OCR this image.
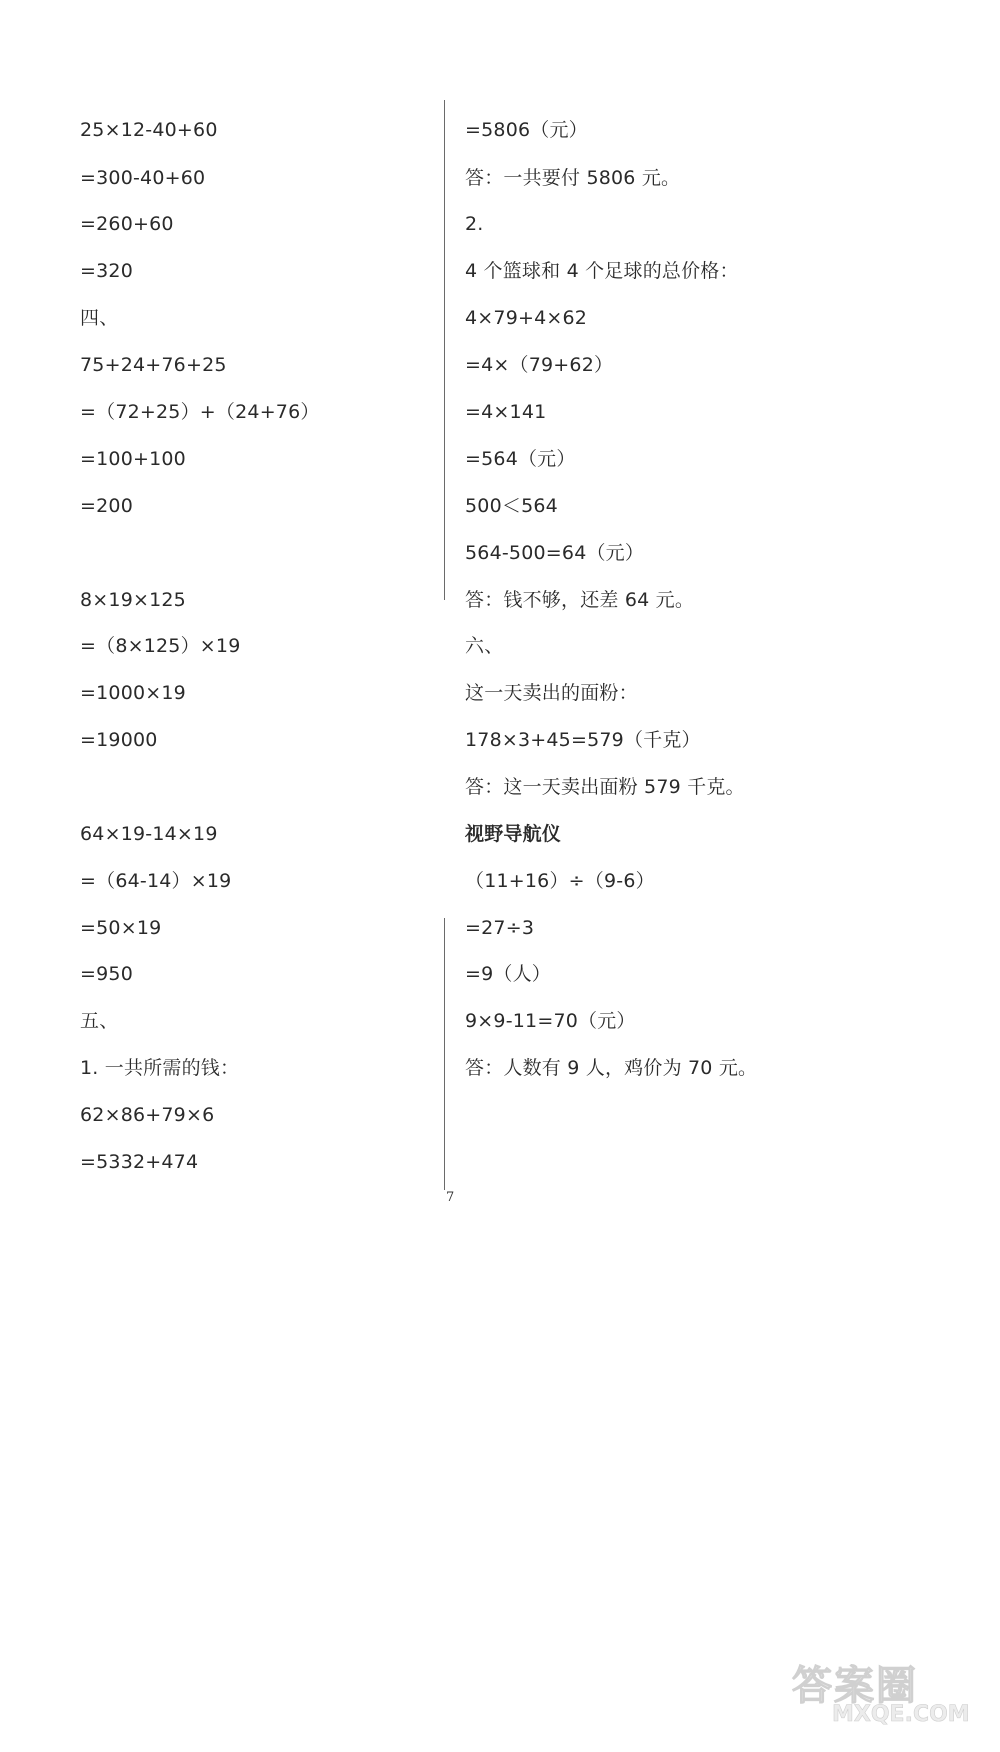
25×12-40+60
=300-40+60
=260+60
=320
四、
75+24+76+25
=（72+25）+（24+76）
=100+100
=200
8×19×125
=（8×125）×19
=1000×19
=19000
64×19-14×19
=（64-14）×19
=50×19
=950
五、
1. 一共所需的钱：
62×86+79×6
=5332+474
=5806（元）
答：一共要付 5806 元。
2.
4 个篮球和 4 个足球的总价格：
4×79+4×62
=4×（79+62）
=4×141
=564（元）
500＜564
564-500=64（元）
答：钱不够，还差 64 元。
六、
这一天卖出的面粉：
178×3+45=579（千克）
答：这一天卖出面粉 579 千克。
视野导航仪
（11+16）÷（9-6）
=27÷3
=9（人）
9×9-11=70（元）
答：人数有 9 人，鸡价为 70 元。
7
答案圈
MXQE.COM
